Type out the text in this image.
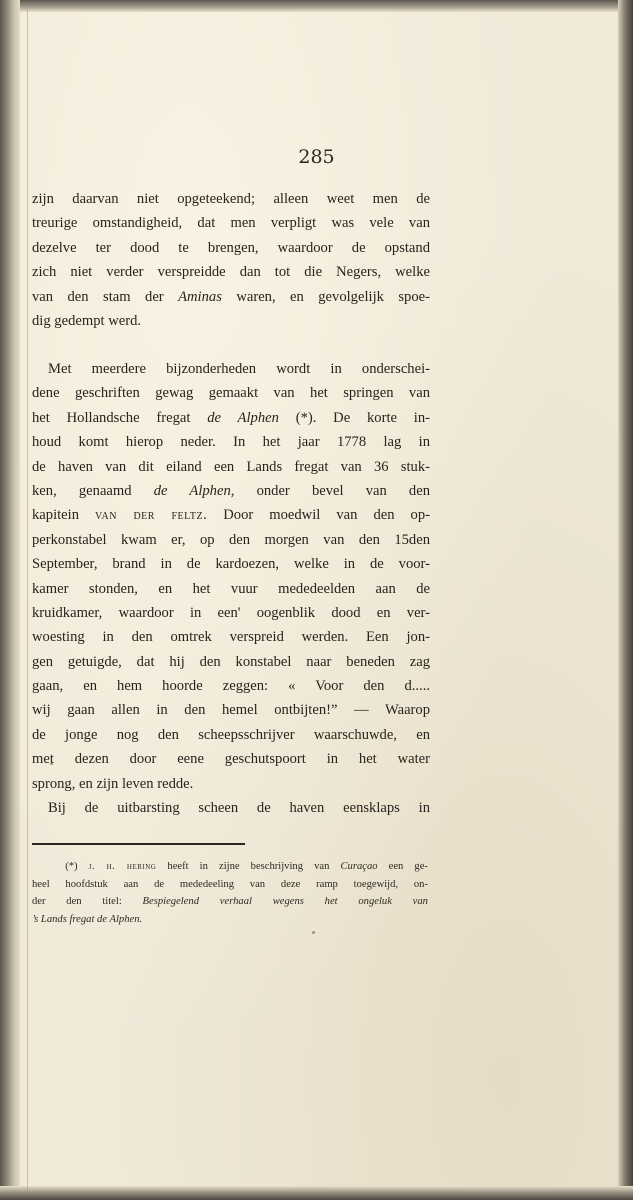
285

zijn daarvan niet opgeteekend; alleen weet men de
treurige omstandigheid, dat men verpligt was vele van
dezelve ter dood te brengen, waardoor de opstand
zich niet verder verspreidde dan tot die Negers, welke
van den stam der Aminas waren, en gevolgelijk spoe-
dig gedempt werd.
Met meerdere bijzonderheden wordt in onderschei-
dene geschriften gewag gemaakt van het springen van
het Hollandsche fregat de Alphen (*). De korte in-
houd komt hierop neder. In het jaar 1778 lag in
de haven van dit eiland een Lands fregat van 36 stuk-
ken, genaamd de Alphen, onder bevel van den
kapitein van der feltz. Door moedwil van den op-
perkonstabel kwam er, op den morgen van den 15den
September, brand in de kardoezen, welke in de voor-
kamer stonden, en het vuur mededeelden aan de
kruidkamer, waardoor in een' oogenblik dood en ver-
woesting in den omtrek verspreid werden. Een jon-
gen getuigde, dat hij den konstabel naar beneden zag
gaan, en hem hoorde zeggen: « Voor den d.....
wij gaan allen in den hemel ontbijten!” — Waarop
de jonge nog den scheepsschrijver waarschuwde, en
met dezen door eene geschutspoort in het water
sprong, en zijn leven redde.
Bij de uitbarsting scheen de haven eensklaps in
(*) j. h. hering heeft in zijne beschrijving van Curaçao een ge-
heel hoofdstuk aan de mededeeling van deze ramp toegewijd, on-
der den titel: Bespiegelend verhaal wegens het ongeluk van
’s Lands fregat de Alphen.
